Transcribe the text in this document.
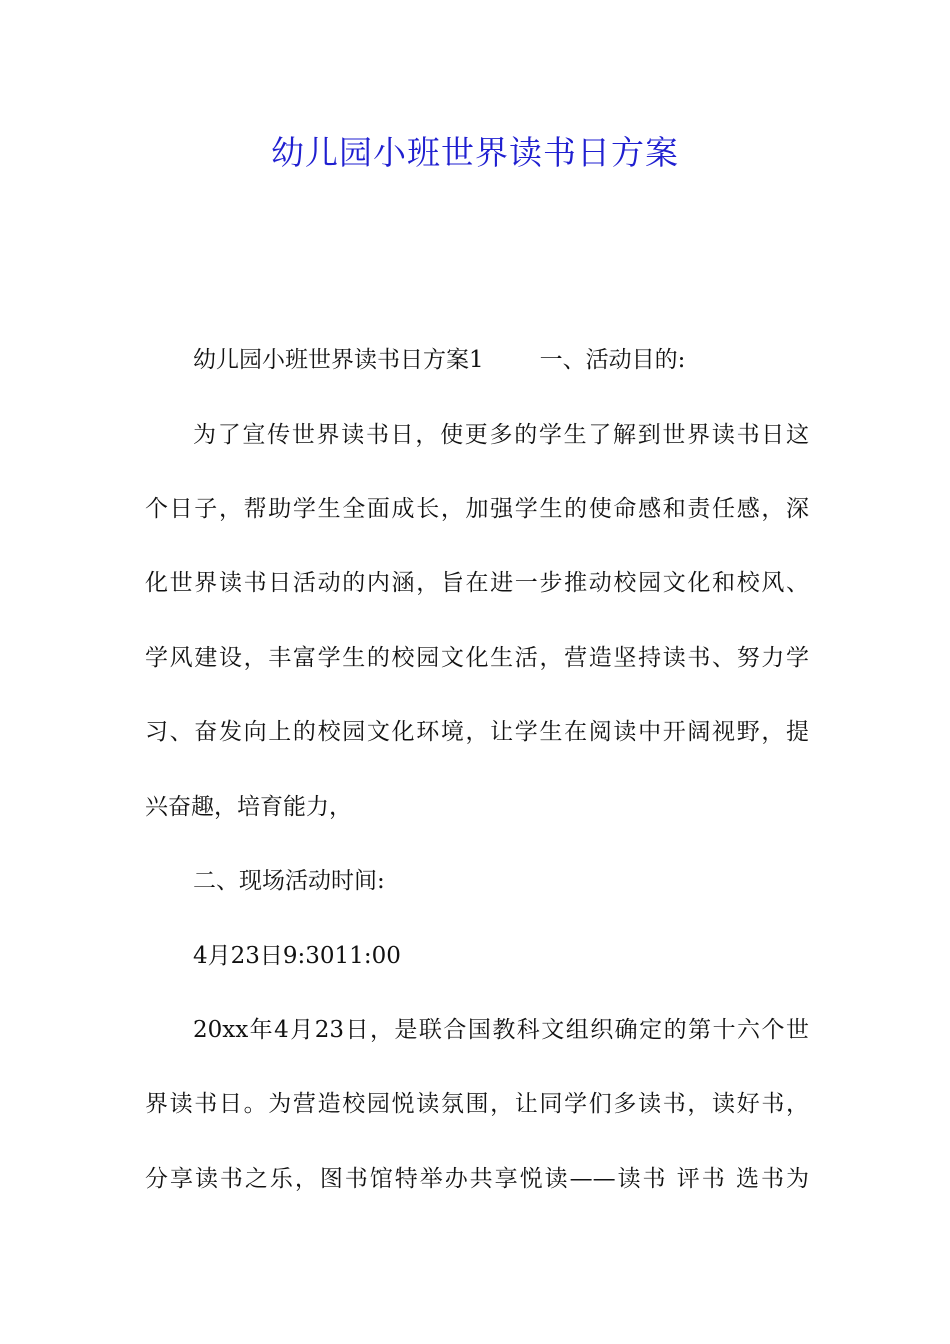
幼儿园小班世界读书日方案
幼儿园小班世界读书日方案1 一、活动目的:
为了宣传世界读书日，使更多的学生了解到世界读书日这
个日子，帮助学生全面成长，加强学生的使命感和责任感，深
化世界读书日活动的内涵，旨在进一步推动校园文化和校风、
学风建设，丰富学生的校园文化生活，营造坚持读书、努力学
习、奋发向上的校园文化环境，让学生在阅读中开阔视野，提
兴奋趣，培育能力，
二、现场活动时间:
4月23日9:3011:00
20xx年4月23日，是联合国教科文组织确定的第十六个世
界读书日。为营造校园悦读氛围，让同学们多读书，读好书，
分享读书之乐，图书馆特举办共享悦读——读书 评书 选书为
